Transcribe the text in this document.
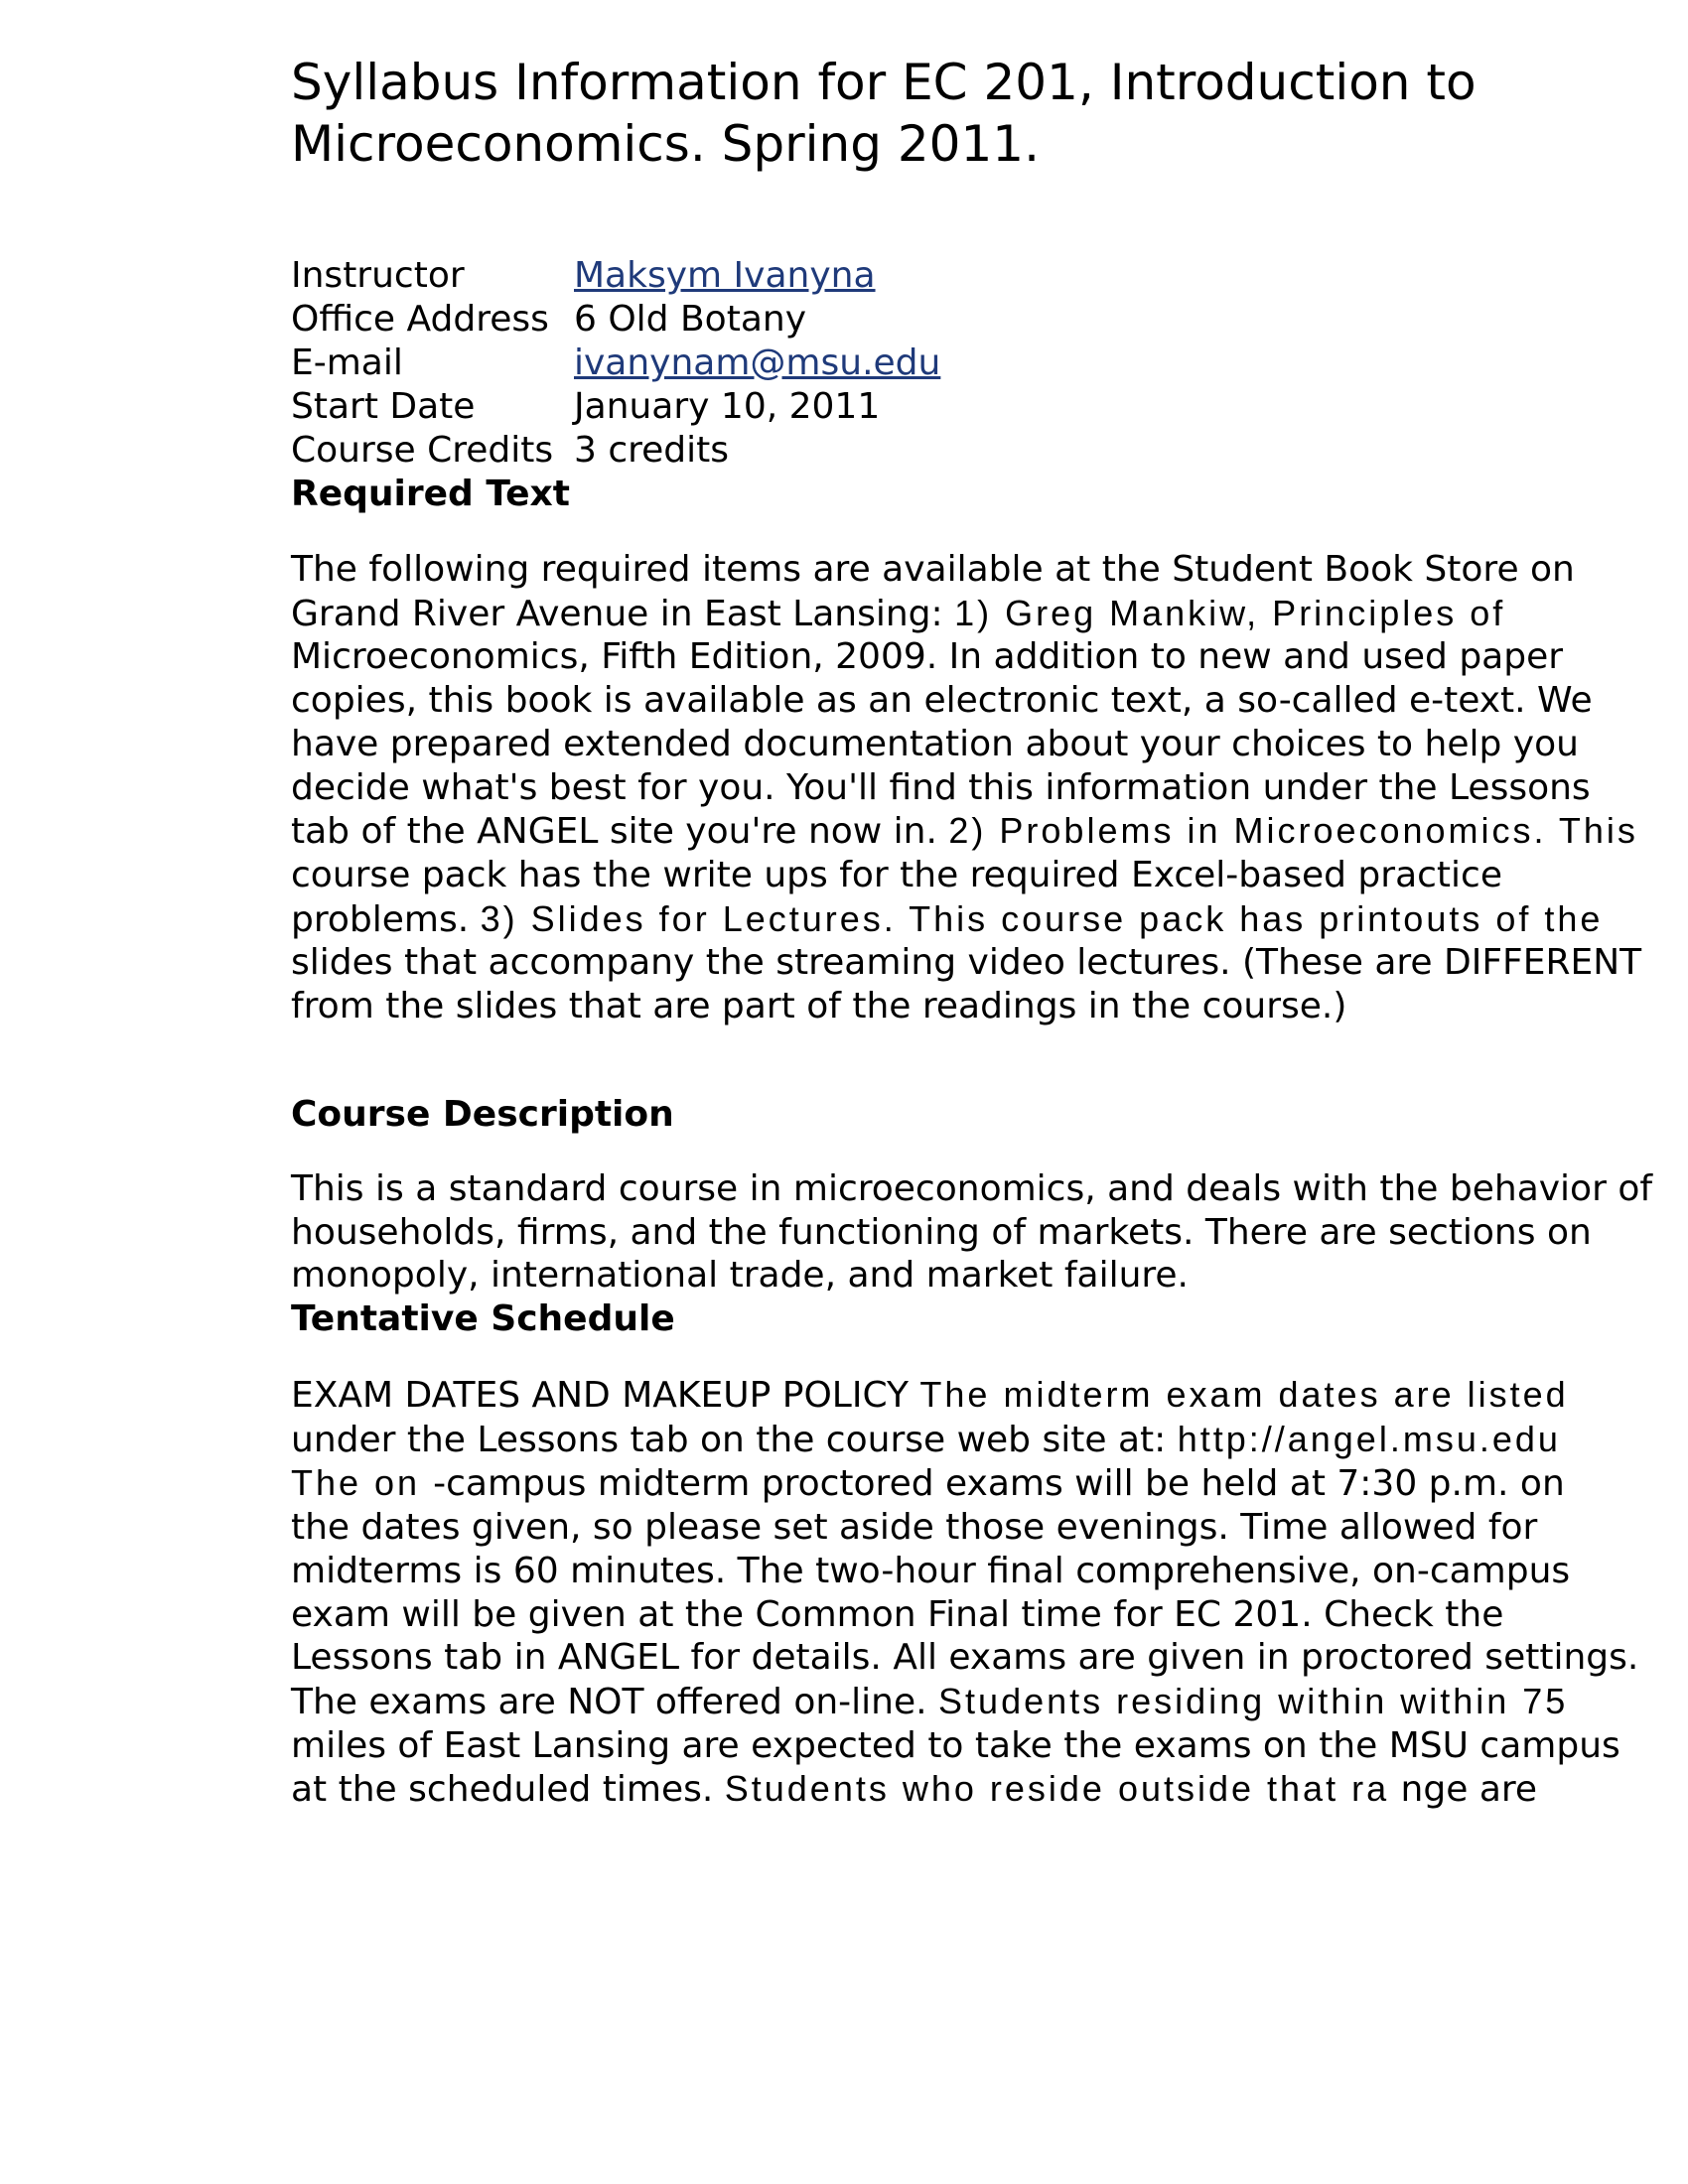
Syllabus Information for EC 201, Introduction to
Microeconomics. Spring 2011.
Instructor	Maksym Ivanyna
Office Address	6 Old Botany
E-mail	ivanynam@msu.edu
Start Date	January 10, 2011
Course Credits	3 credits
Required Text
The following required items are available at the Student Book Store on
Grand River Avenue in East Lansing: 1) Greg Mankiw, Principles of
Microeconomics, Fifth Edition, 2009. In addition to new and used paper
copies, this book is available as an electronic text, a so-called e-text. We
have prepared extended documentation about your choices to help you
decide what's best for you. You'll find this information under the Lessons
tab of the ANGEL site you're now in. 2) Problems in Microeconomics. This
course pack has the write ups for the required Excel-based practice
problems. 3) Slides for Lectures. This course pack has printouts of the
slides that accompany the streaming video lectures. (These are DIFFERENT
from the slides that are part of the readings in the course.)
Course Description
This is a standard course in microeconomics, and deals with the behavior of
households, firms, and the functioning of markets. There are sections on
monopoly, international trade, and market failure.
Tentative Schedule
EXAM DATES AND MAKEUP POLICY The midterm exam dates are listed
under the Lessons tab on the course web site at: http://angel.msu.edu
The on -campus midterm proctored exams will be held at 7:30 p.m. on
the dates given, so please set aside those evenings. Time allowed for
midterms is 60 minutes. The two-hour final comprehensive, on-campus
exam will be given at the Common Final time for EC 201. Check the
Lessons tab in ANGEL for details. All exams are given in proctored settings.
The exams are NOT offered on-line. Students residing within within 75
miles of East Lansing are expected to take the exams on the MSU campus
at the scheduled times. Students who reside outside that ra nge are
